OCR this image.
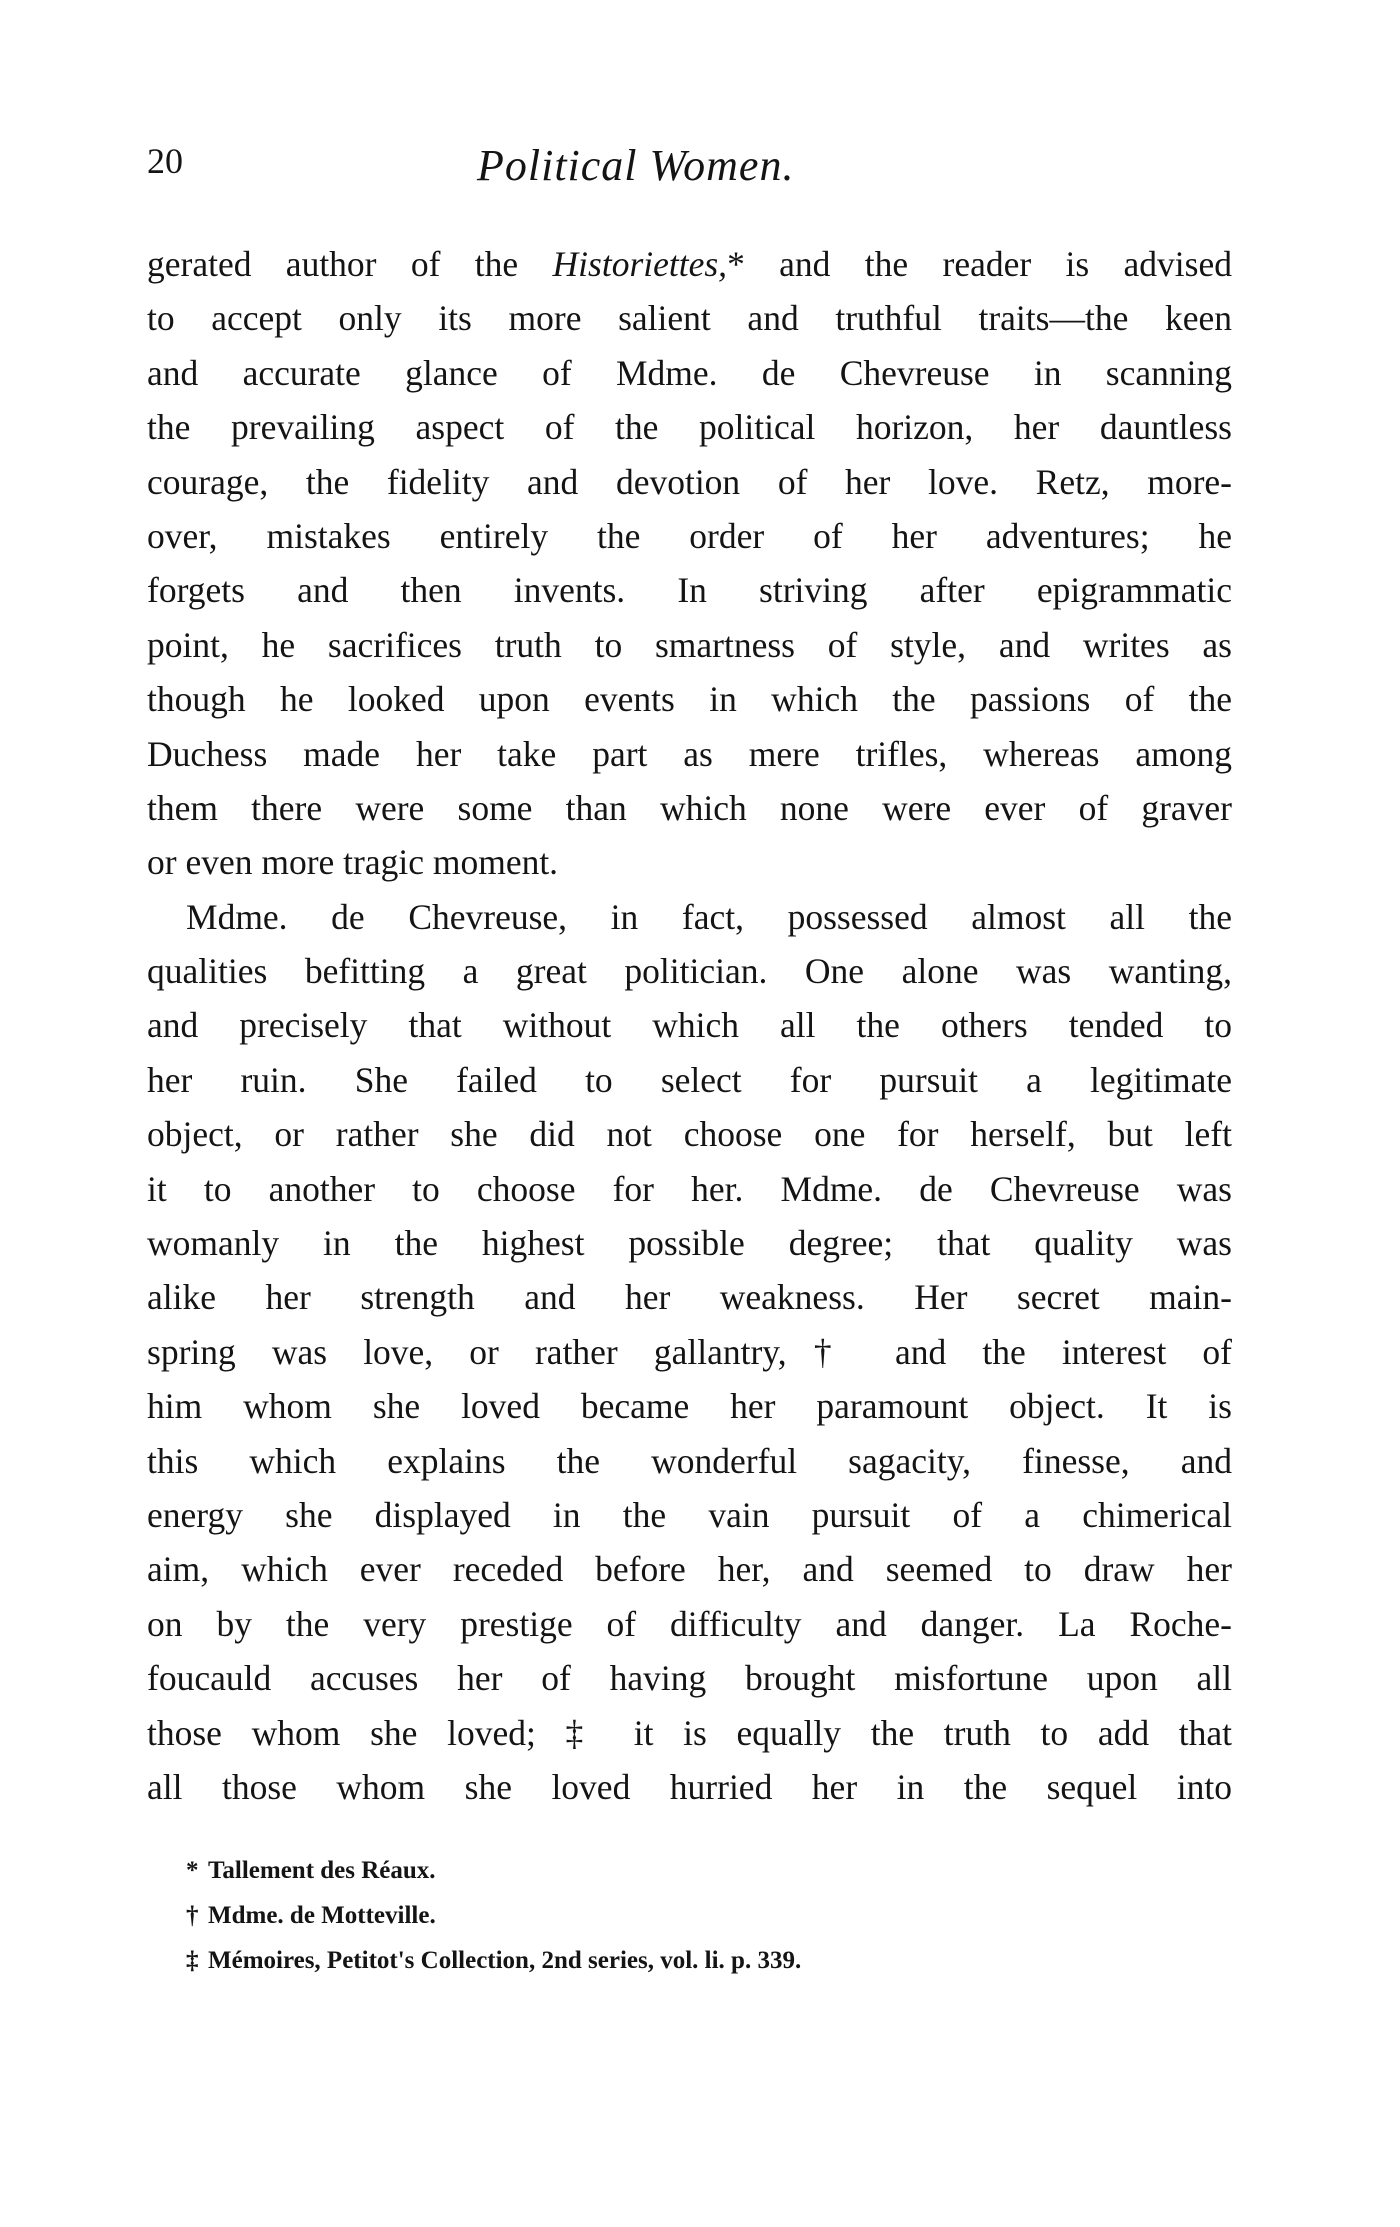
20	Political Women.
gerated author of the Historiettes,* and the reader is advised
to accept only its more salient and truthful traits—the keen
and accurate glance of Mdme. de Chevreuse in scanning
the prevailing aspect of the political horizon, her dauntless
courage, the fidelity and devotion of her love. Retz, more-
over, mistakes entirely the order of her adventures; he
forgets and then invents. In striving after epigrammatic
point, he sacrifices truth to smartness of style, and writes as
though he looked upon events in which the passions of the
Duchess made her take part as mere trifles, whereas among
them there were some than which none were ever of graver
or even more tragic moment.
Mdme. de Chevreuse, in fact, possessed almost all the
qualities befitting a great politician. One alone was wanting,
and precisely that without which all the others tended to
her ruin. She failed to select for pursuit a legitimate
object, or rather she did not choose one for herself, but left
it to another to choose for her. Mdme. de Chevreuse was
womanly in the highest possible degree; that quality was
alike her strength and her weakness. Her secret main-
spring was love, or rather gallantry,† and the interest of
him whom she loved became her paramount object. It is
this which explains the wonderful sagacity, finesse, and
energy she displayed in the vain pursuit of a chimerical
aim, which ever receded before her, and seemed to draw her
on by the very prestige of difficulty and danger. La Roche-
foucauld accuses her of having brought misfortune upon all
those whom she loved; ‡ it is equally the truth to add that
all those whom she loved hurried her in the sequel into
* Tallement des Réaux.
† Mdme. de Motteville.
‡ Mémoires, Petitot's Collection, 2nd series, vol. li. p. 339.
